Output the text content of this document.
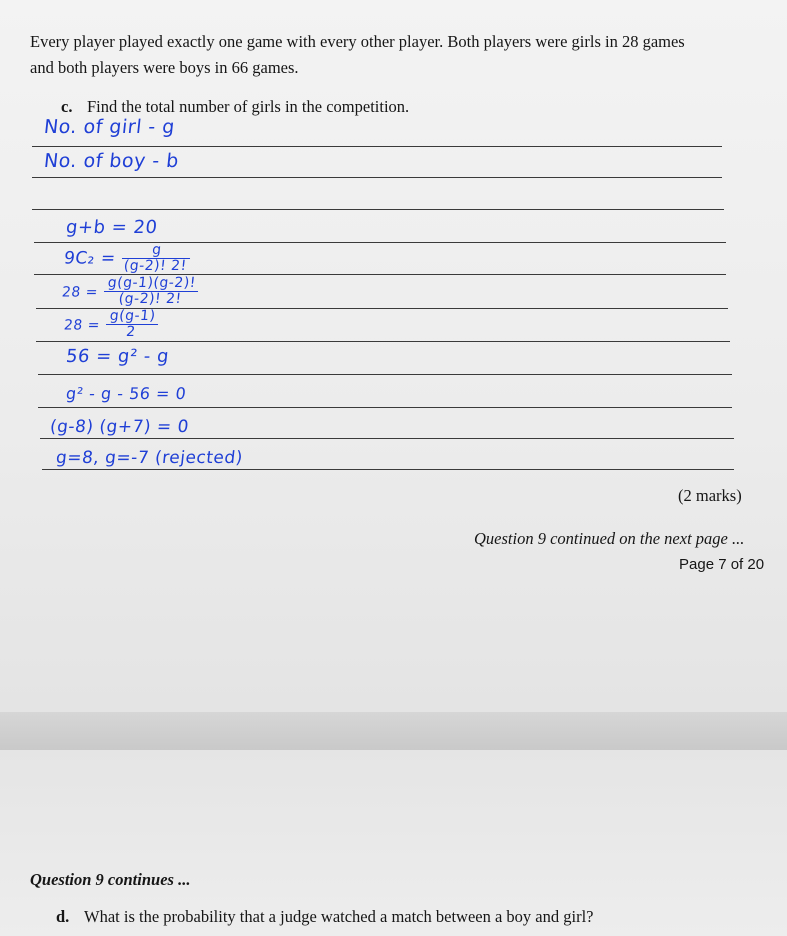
Every player played exactly one game with every other player. Both players were girls in 28 games
and both players were boys in 66 games.
c. Find the total number of girls in the competition.
No. of girl - g
No. of boy - b
g+b = 20
$9C_2 = \frac{g}{(g-2)! 2!}$
$28 = \frac{g(g-1)(g-2)!}{(g-2)! 2!}$
$28 = \frac{g(g-1)}{2}$
56 = g² - g
g² - g - 56 = 0
(g-8) (g+7) = 0
g=8, g=-7 (rejected)
(2 marks)
Question 9 continued on the next page ...
Page 7 of 20
Question 9 continues ...
d. What is the probability that a judge watched a match between a boy and girl?
